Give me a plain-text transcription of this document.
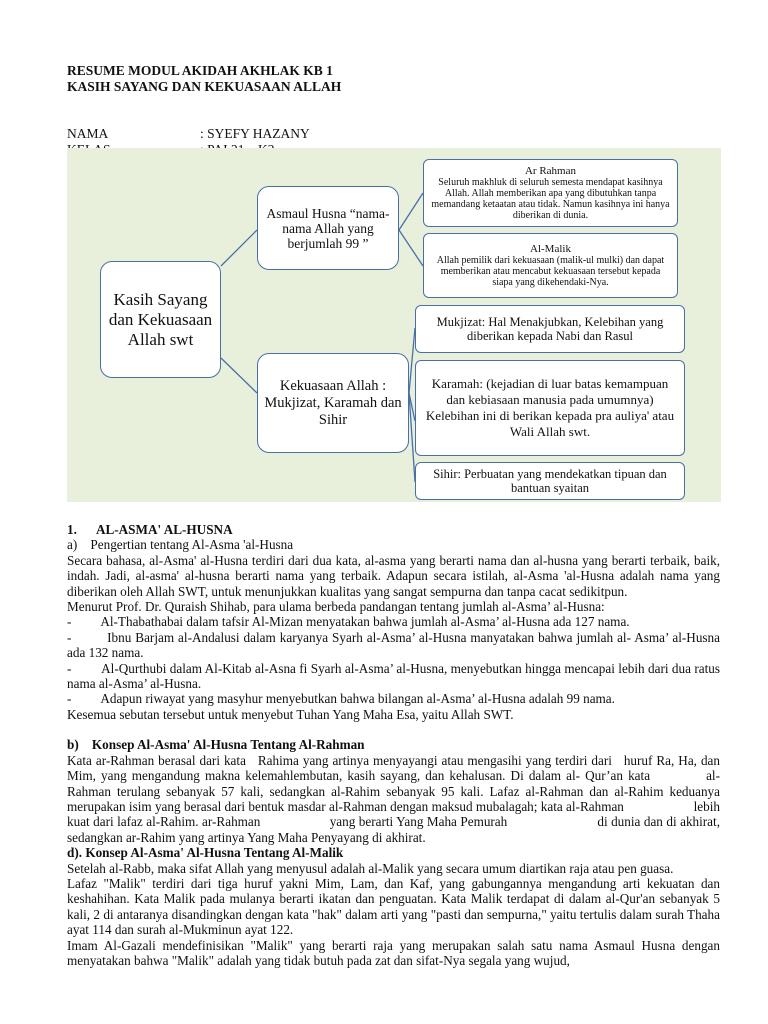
RESUME MODUL AKIDAH AKHLAK KB 1
KASIH SAYANG DAN KEKUASAAN ALLAH
NAMA	: SYEFY HAZANY
Kasih Sayang dan Kekuasaan Allah swt
Asmaul Husna “nama-nama Allah yang berjumlah 99 ”
Kekuasaan Allah : Mukjizat, Karamah dan Sihir
Ar Rahman
Seluruh makhluk di seluruh semesta mendapat kasihnya Allah. Allah memberikan apa yang dibutuhkan tanpa memandang ketaatan atau tidak. Namun kasihnya ini hanya diberikan di dunia.
Al-Malik
Allah pemilik dari kekuasaan (malik-ul mulki) dan dapat memberikan atau mencabut kekuasaan tersebut kepada siapa yang dikehendaki-Nya.
Mukjizat: Hal Menakjubkan, Kelebihan yang diberikan kepada Nabi dan Rasul
Karamah: (kejadian di luar batas kemampuan dan kebiasaan manusia pada umumnya) Kelebihan ini di berikan kepada pra auliya' atau Wali Allah swt.
Sihir: Perbuatan yang mendekatkan tipuan dan bantuan syaitan

1.      AL-ASMA' AL-HUSNA

a)    Pengertian tentang Al-Asma 'al-Husna

Secara bahasa, al-Asma' al-Husna terdiri dari dua kata, al-asma yang berarti nama dan al-husna yang berarti terbaik, baik, indah. Jadi, al-asma' al-husna berarti nama yang terbaik. Adapun secara istilah, al-Asma 'al-Husna adalah nama yang diberikan oleh Allah SWT, untuk menunjukkan kualitas yang sangat sempurna dan tanpa cacat sedikitpun.

Menurut Prof. Dr. Quraish Shihab, para ulama berbeda pandangan tentang jumlah al-Asma’ al-Husna:

-         Al-Thabathabai dalam tafsir Al-Mizan menyatakan bahwa jumlah al-Asma’ al-Husna ada 127 nama.

-         Ibnu Barjam al-Andalusi dalam karyanya Syarh al-Asma’ al-Husna manyatakan bahwa jumlah al- Asma’ al-Husna ada 132 nama.

-         Al-Qurthubi dalam Al-Kitab al-Asna fi Syarh al-Asma’ al-Husna, menyebutkan hingga mencapai lebih dari dua ratus nama al-Asma’ al-Husna.

-         Adapun riwayat yang masyhur menyebutkan bahwa bilangan al-Asma’ al-Husna adalah 99 nama.

Kesemua sebutan tersebut untuk menyebut Tuhan Yang Maha Esa, yaitu Allah SWT.

b)    Konsep Al-Asma' Al-Husna Tentang Al-Rahman

Kata ar-Rahman berasal dari kata   Rahima yang artinya menyayangi atau mengasihi yang terdiri dari   huruf Ra, Ha, dan Mim, yang mengandung makna kelemahlembutan, kasih sayang, dan kehalusan. Di dalam al- Qur’an kata           al-Rahman terulang sebanyak 57 kali, sedangkan al-Rahim sebanyak 95 kali. Lafaz al-Rahman dan al-Rahim keduanya merupakan isim yang berasal dari bentuk masdar al-Rahman dengan maksud mubalagah; kata al-Rahman                     lebih kuat dari lafaz al-Rahim. ar-Rahman                    yang berarti Yang Maha Pemurah                          di dunia dan di akhirat, sedangkan ar-Rahim yang artinya Yang Maha Penyayang di akhirat.

d). Konsep Al-Asma' Al-Husna Tentang Al-Malik

Setelah al-Rabb, maka sifat Allah yang menyusul adalah al-Malik yang secara umum diartikan raja atau pen guasa.

Lafaz "Malik" terdiri dari tiga huruf yakni Mim, Lam, dan Kaf, yang gabungannya mengandung arti kekuatan dan keshahihan. Kata Malik pada mulanya berarti ikatan dan penguatan. Kata Malik terdapat di dalam al-Qur'an sebanyak 5 kali, 2 di antaranya disandingkan dengan kata "hak" dalam arti yang "pasti dan sempurna," yaitu tertulis dalam surah Thaha ayat 114 dan surah al-Mukminun ayat 122.

Imam Al-Gazali mendefinisikan "Malik" yang berarti raja yang merupakan salah satu nama Asmaul Husna dengan menyatakan bahwa "Malik" adalah yang tidak butuh pada zat dan sifat-Nya segala yang wujud,
